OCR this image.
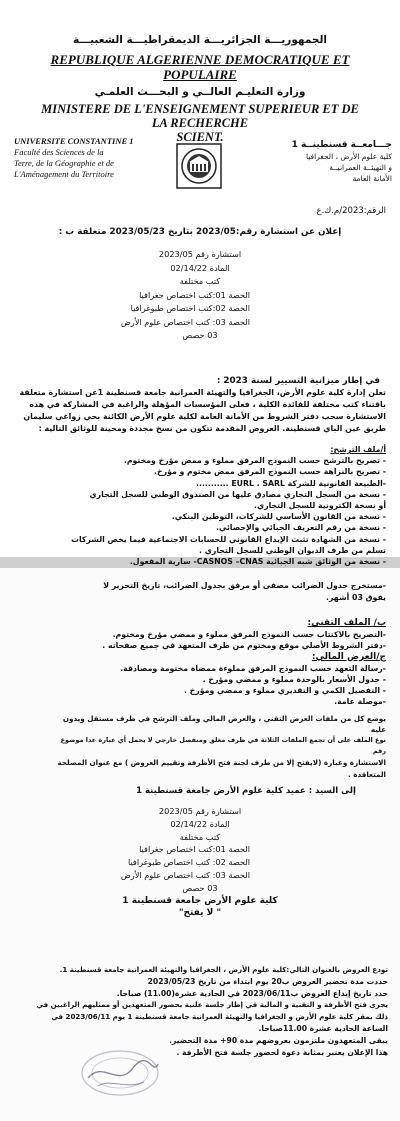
الجمهوريـــة الجزائريـــة الديمقراطيـــة الشعبيـــة
REPUBLIQUE ALGERIENNE DEMOCRATIQUE ET
POPULAIRE
وزارة التعليـم العالــي و البحـــث العلمـي
MINISTERE DE L'ENSEIGNEMENT SUPERIEUR ET DE
LA RECHERCHE
SCIENT.
UNIVERSITE CONSTANTINE 1
Faculté des Sciences de la
Terre, de la Géographie et de
L'Aménagement du Territoire
جـــامعــة قسنطينــة 1
كلية علوم الأرض ، الجغرافيا
و التهيئــة العمرانيــة
الأمانة العامة
الرقم:2023/م.ك.ع
إعلان عن استشارة رقم:2023/05 بتاريخ 2023/05/23 متعلقة ب :
استشارة رقم 2023/05
المادة 02/14/22
كتب مختلفة
الحصة 01:كتب اختصاص جغرافيا
الحصة 02:كتب اختصاص طبوغرافيا
الحصة 03: كتب اختصاص علوم الأرض
03 حصص
في إطار ميزانية التسيير لسنة 2023 :
تعلن إدارة كلية علوم الأرض، الجغرافيا والتهيئة العمرانية جامعة قسنطينة 1عن استشارة متعلقة
باقتناء كتب مختلفة للفائدة الكلية ، فعلى المؤسسات المؤهلة والراغبة في المشاركة في هذه
الاستشارة سحب دفتر الشروط من الأمانة العامة لكلية علوم الأرض الكائنة بحي زواغي سليمان
طريق عين الباي قسنطينة. العروض المقدمة تتكون من نسخ مجددة ومحينة للوثائق التالية :
أ/ملف الترشح:
- تصريح بالترشح حسب النموذج المرفق مملوء و ممض مؤرخ ومختوم.
- تصريح بالنزاهة حسب النموذج المرفق ممض مختوم و مؤرخ.
-الطبيعة القانونية للشركة EURL . SARL ...........
- نسخة من السجل التجاري مصادق عليها من الصندوق الوطني للسجل التجاري
أو نسخة الكترونية للسجل التجاري.
- نسخة من القانون الأساسي للشركات، التوطين البنكي.
- نسخة من رقم التعريف الجبائي والإحصائي.
- نسخة من الشهادة تثبت الإيداع القانوني للحسابات الاجتماعية فيما يخص الشركات
تسلم من طرف الديوان الوطني للسجل التجاري .
- نسخة من الوثائق شبه الجبائية CASNOS –CNAS- سارية المفعول.
-مستخرج جدول الضرائب مصفى أو مرفق بجدول الضرائب، تاريخ التحرير لا
يفوق 03 أشهر.
ب/ الملف التقني:
-التصريح بالاكتتاب حسب النموذج المرفق مملوء و ممضي مؤرخ ومختوم.
-دفتر الشروط الأصلي موقع ومختوم من طرف المتعهد في جميع صفحاته .
ج/العرض المالي:
-رسالة التعهد حسب النموذج المرفق مملوءة ممضاة مختومة ومصادقة.
- جدول الأسعار بالوحدة مملوء و ممضي ومؤرخ .
- التفصيل الكمي و التقديري مملوء و ممضي ومؤرخ .
-موصلة عامة.
يوضع كل من ملفات العرض التقني ، والعرض المالي وملف الترشح في ظرف مستقل ويدون عليه
نوع الملف على أن تجمع الملفات الثلاثة في ظرف مغلق ومنفصل خارجي لا يحمل أي عبارة عدا موضوع رقم
الاستشارة وعبارة (لايفتح إلا من طرف لجنة فتح الأظرفة وتقييم العروض ) مع عنوان المصلحة
المتعاقدة .
إلى السيد : عميد كلية علوم الأرض جامعة قسنطينة 1
استشارة رقم 2023/05
المادة 02/14/22
كتب مختلفة
الحصة 01:كتب اختصاص جغرافيا
الحصة 02: كتب اختصاص طبوغرافيا
الحصة 03: كتب اختصاص علوم الأرض
03 حصص
كلية علوم الأرض جامعة قسنطينة 1
" لا يفتح"
تودع العروض بالعنوان التالي:كلية علوم الأرض ، الجغرافيا والتهيئة العمرانية جامعة قسنطينة 1.
حددت مدة تحضير العروض ب20 يوم ابتداء من تاريخ 2023/05/23
حدد تاريخ إيداع العروض ب2023/06/11 في الحادية عشرة(11.00) صباحا.
يجرى فتح الأظرفة و التقنية و المالية في إطار جلسة علنية بحضور المتعهدين أو ممثليهم الراغبين في
ذلك بمقر كلية علوم الأرض و الجغرافيا والتهيئة العمرانية جامعة قسنطينة 1 يوم 2023/06/11 في
الساعة الحادية عشرة 11.00صباحا.
يبقى المتعهدون ملتزمون بعروضهم مدة 90+ مدة التحضير.
هذا الإعلان يعتبر بمثابة دعوة لحضور جلسة فتح الأظرفة .
